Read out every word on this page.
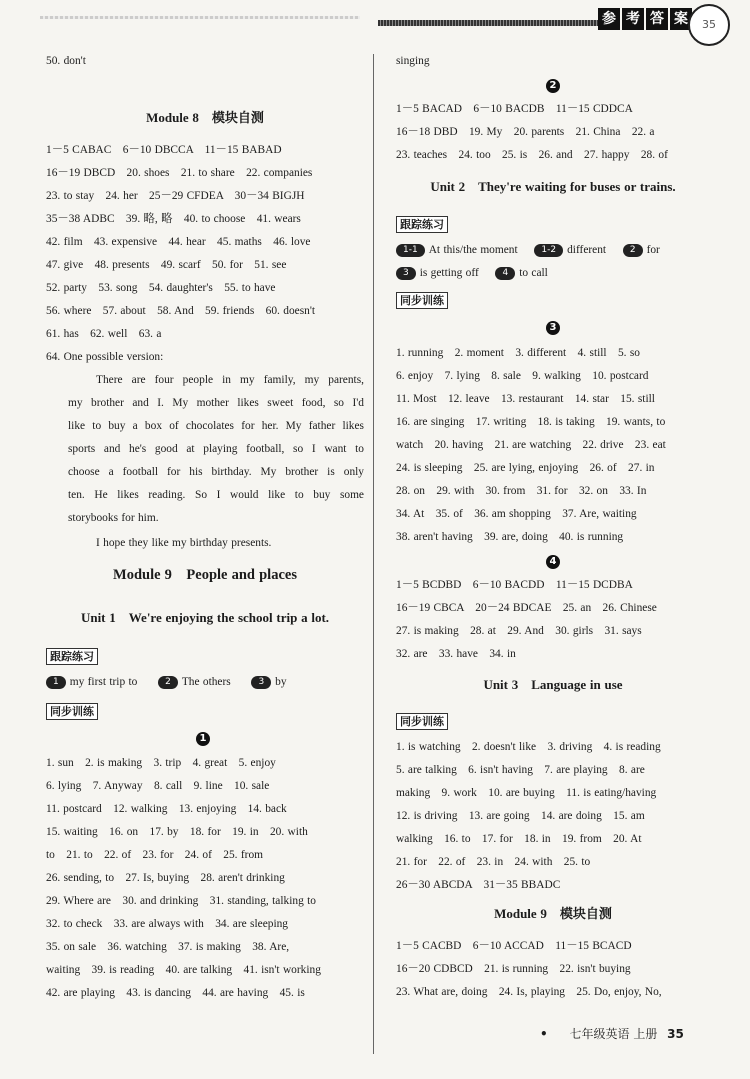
参 考 答 案	35
50. don't
Module 8　模块自测
1－5 CABAC　6－10 DBCCA　11－15 BABAD
16－19 DBCD　20. shoes　21. to share　22. companies
23. to stay　24. her　25－29 CFDEA　30－34 BIGJH
35－38 ADBC　39. 略, 略　40. to choose　41. wears
42. film　43. expensive　44. hear　45. maths　46. love
47. give　48. presents　49. scarf　50. for　51. see
52. party　53. song　54. daughter's　55. to have
56. where　57. about　58. And　59. friends　60. doesn't
61. has　62. well　63. a
64. One possible version:
There are four people in my family, my parents,
my brother and I. My mother likes sweet food, so I'd
like to buy a box of chocolates for her. My father likes
sports and he's good at playing football, so I want to
choose a football for his birthday. My brother is only
ten. He likes reading. So I would like to buy some
storybooks for him.
I hope they like my birthday presents.
Module 9　People and places
Unit 1　We're enjoying the school trip a lot.
跟踪练习
1 my first trip to	2 The others	3 by
同步训练
1
1. sun　2. is making　3. trip　4. great　5. enjoy
6. lying　7. Anyway　8. call　9. line　10. sale
11. postcard　12. walking　13. enjoying　14. back
15. waiting　16. on　17. by　18. for　19. in　20. with
to　21. to　22. of　23. for　24. of　25. from
26. sending, to　27. Is, buying　28. aren't drinking
29. Where are　30. and drinking　31. standing, talking to
32. to check　33. are always with　34. are sleeping
35. on sale　36. watching　37. is making　38. Are,
waiting　39. is reading　40. are talking　41. isn't working
42. are playing　43. is dancing　44. are having　45. is
singing
2
1－5 BACAD　6－10 BACDB　11－15 CDDCA
16－18 DBD　19. My　20. parents　21. China　22. a
23. teaches　24. too　25. is　26. and　27. happy　28. of
Unit 2　They're waiting for buses or trains.
跟踪练习
1-1 At this/the moment	1-2 different	2 for
3 is getting off	4 to call
同步训练
3
1. running　2. moment　3. different　4. still　5. so
6. enjoy　7. lying　8. sale　9. walking　10. postcard
11. Most　12. leave　13. restaurant　14. star　15. still
16. are singing　17. writing　18. is taking　19. wants, to
watch　20. having　21. are watching　22. drive　23. eat
24. is sleeping　25. are lying, enjoying　26. of　27. in
28. on　29. with　30. from　31. for　32. on　33. In
34. At　35. of　36. am shopping　37. Are, waiting
38. aren't having　39. are, doing　40. is running
4
1－5 BCDBD　6－10 BACDD　11－15 DCDBA
16－19 CBCA　20－24 BDCAE　25. an　26. Chinese
27. is making　28. at　29. And　30. girls　31. says
32. are　33. have　34. in
Unit 3　Language in use
同步训练
1. is watching　2. doesn't like　3. driving　4. is reading
5. are talking　6. isn't having　7. are playing　8. are
making　9. work　10. are buying　11. is eating/having
12. is driving　13. are going　14. are doing　15. am
walking　16. to　17. for　18. in　19. from　20. At
21. for　22. of　23. in　24. with　25. to
26－30 ABCDA　31－35 BBADC
Module 9　模块自测
1－5 CACBD　6－10 ACCAD　11－15 BCACD
16－20 CDBCD　21. is running　22. isn't buying
23. What are, doing　24. Is, playing　25. Do, enjoy, No,
• 七年级英语 上册 35
